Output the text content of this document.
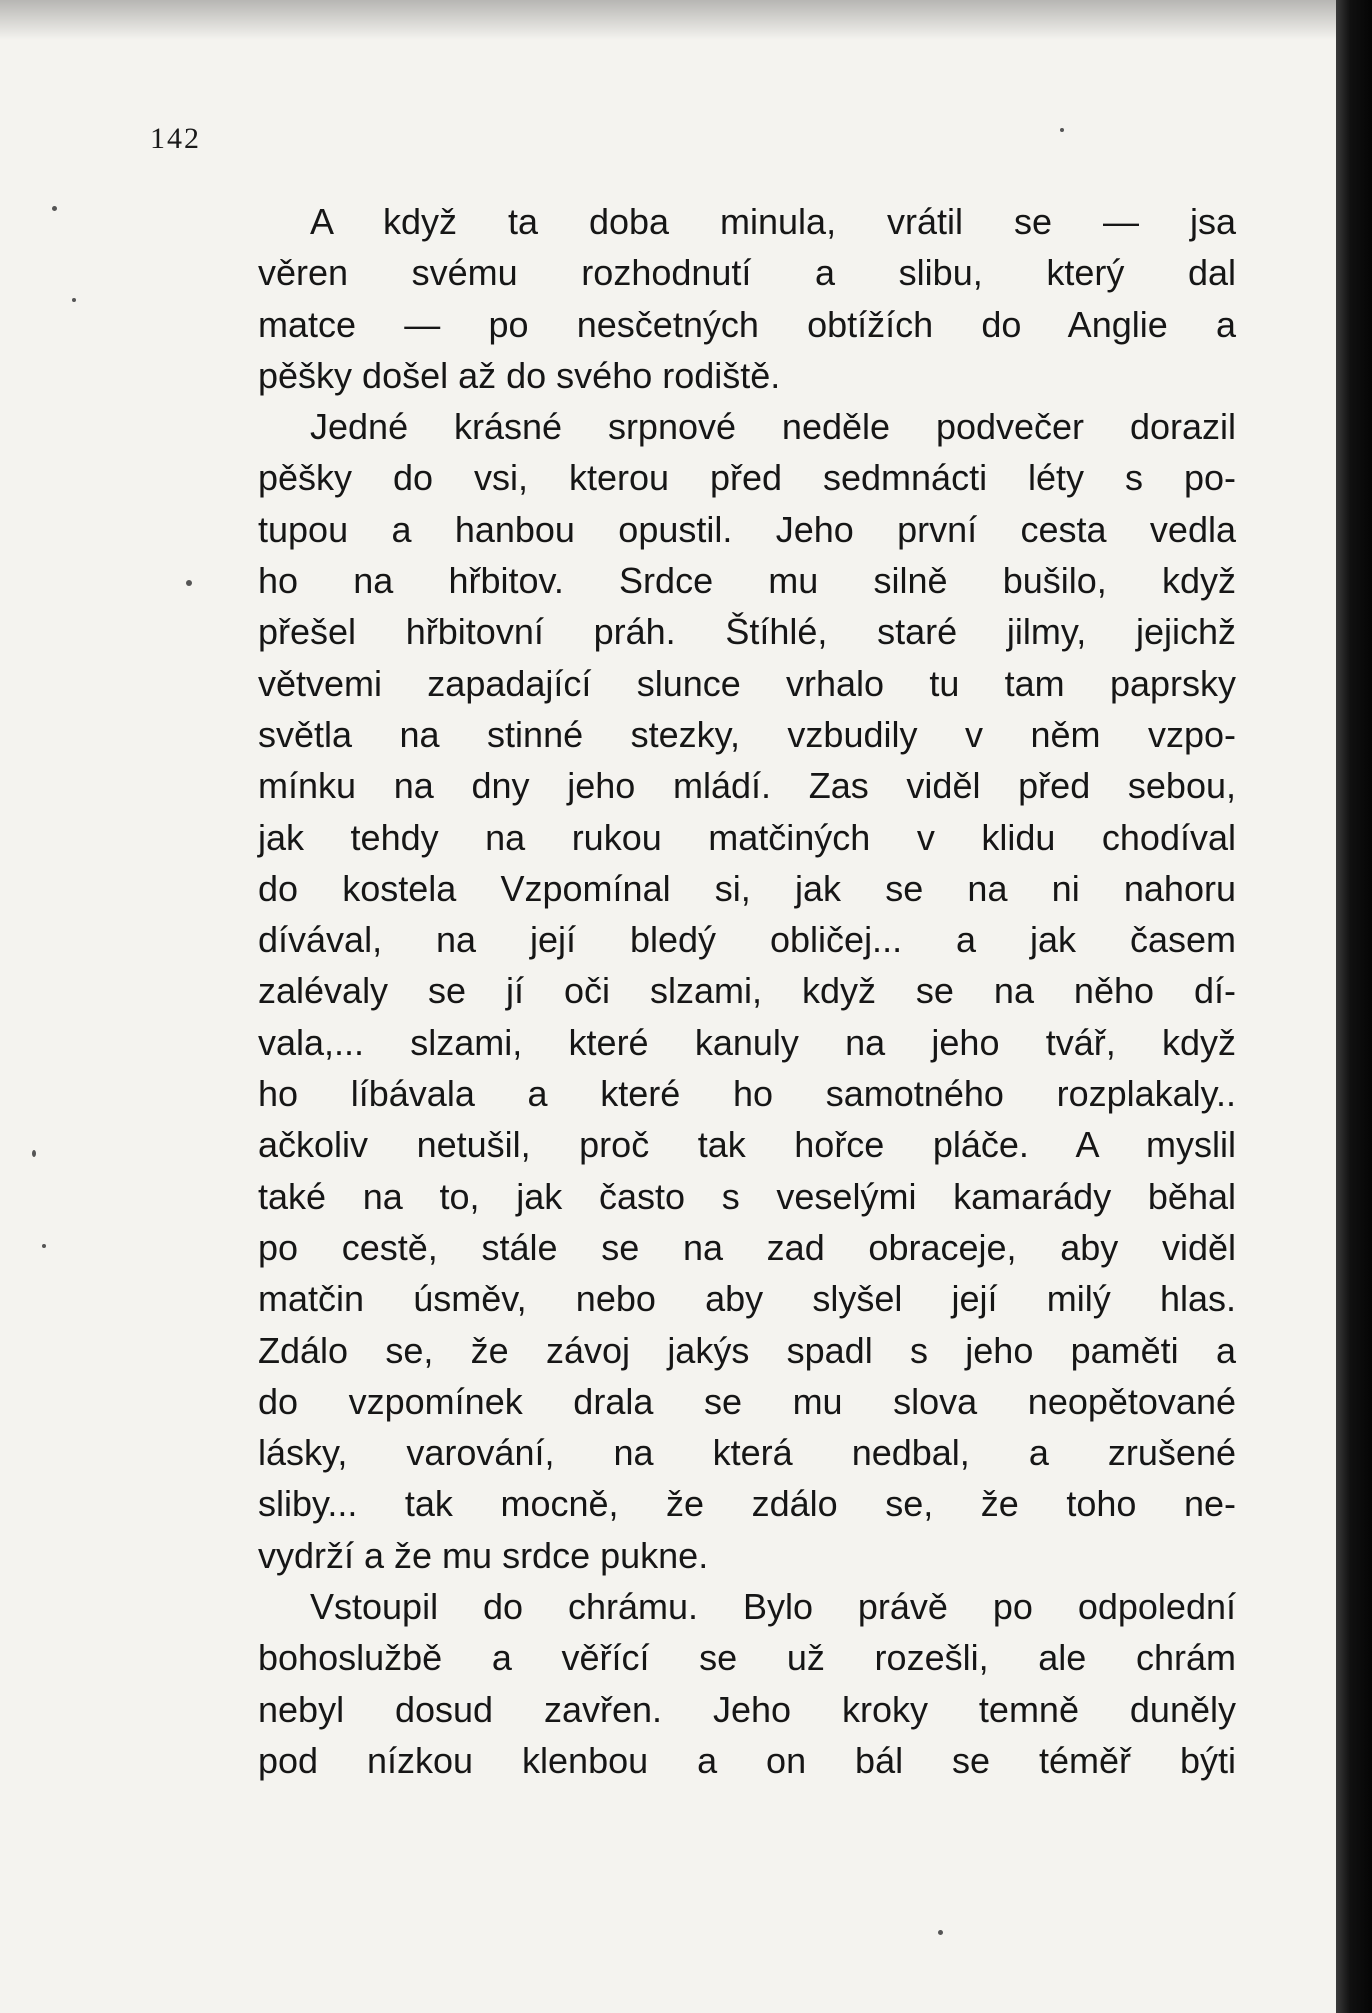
142
A když ta doba minula, vrátil se — jsa
věren svému rozhodnutí a slibu, který dal
matce — po nesčetných obtížích do Anglie a
pěšky došel až do svého rodiště.
Jedné krásné srpnové neděle podvečer dorazil
pěšky do vsi, kterou před sedmnácti léty s po-
tupou a hanbou opustil. Jeho první cesta vedla
ho na hřbitov. Srdce mu silně bušilo, když
přešel hřbitovní práh. Štíhlé, staré jilmy, jejichž
větvemi zapadající slunce vrhalo tu tam paprsky
světla na stinné stezky, vzbudily v něm vzpo-
mínku na dny jeho mládí. Zas viděl před sebou,
jak tehdy na rukou matčiných v klidu chodíval
do kostela Vzpomínal si, jak se na ni nahoru
dívával, na její bledý obličej... a jak časem
zalévaly se jí oči slzami, když se na něho dí-
vala,... slzami, které kanuly na jeho tvář, když
ho líbávala a které ho samotného rozplakaly..
ačkoliv netušil, proč tak hořce pláče. A myslil
také na to, jak často s veselými kamarády běhal
po cestě, stále se na zad obraceje, aby viděl
matčin úsměv, nebo aby slyšel její milý hlas.
Zdálo se, že závoj jakýs spadl s jeho paměti a
do vzpomínek drala se mu slova neopětované
lásky, varování, na která nedbal, a zrušené
sliby... tak mocně, že zdálo se, že toho ne-
vydrží a že mu srdce pukne.
Vstoupil do chrámu. Bylo právě po odpolední
bohoslužbě a věřící se už rozešli, ale chrám
nebyl dosud zavřen. Jeho kroky temně duněly
pod nízkou klenbou a on bál se téměř býti
